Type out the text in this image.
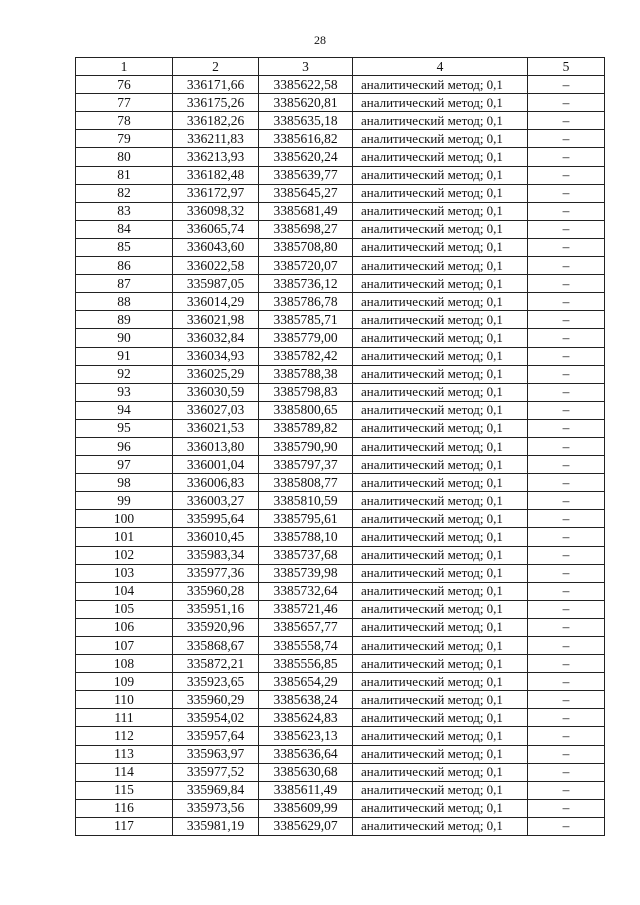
28
1	2	3	4	5
76	336171,66	3385622,58	аналитический метод; 0,1	–
77	336175,26	3385620,81	аналитический метод; 0,1	–
78	336182,26	3385635,18	аналитический метод; 0,1	–
79	336211,83	3385616,82	аналитический метод; 0,1	–
80	336213,93	3385620,24	аналитический метод; 0,1	–
81	336182,48	3385639,77	аналитический метод; 0,1	–
82	336172,97	3385645,27	аналитический метод; 0,1	–
83	336098,32	3385681,49	аналитический метод; 0,1	–
84	336065,74	3385698,27	аналитический метод; 0,1	–
85	336043,60	3385708,80	аналитический метод; 0,1	–
86	336022,58	3385720,07	аналитический метод; 0,1	–
87	335987,05	3385736,12	аналитический метод; 0,1	–
88	336014,29	3385786,78	аналитический метод; 0,1	–
89	336021,98	3385785,71	аналитический метод; 0,1	–
90	336032,84	3385779,00	аналитический метод; 0,1	–
91	336034,93	3385782,42	аналитический метод; 0,1	–
92	336025,29	3385788,38	аналитический метод; 0,1	–
93	336030,59	3385798,83	аналитический метод; 0,1	–
94	336027,03	3385800,65	аналитический метод; 0,1	–
95	336021,53	3385789,82	аналитический метод; 0,1	–
96	336013,80	3385790,90	аналитический метод; 0,1	–
97	336001,04	3385797,37	аналитический метод; 0,1	–
98	336006,83	3385808,77	аналитический метод; 0,1	–
99	336003,27	3385810,59	аналитический метод; 0,1	–
100	335995,64	3385795,61	аналитический метод; 0,1	–
101	336010,45	3385788,10	аналитический метод; 0,1	–
102	335983,34	3385737,68	аналитический метод; 0,1	–
103	335977,36	3385739,98	аналитический метод; 0,1	–
104	335960,28	3385732,64	аналитический метод; 0,1	–
105	335951,16	3385721,46	аналитический метод; 0,1	–
106	335920,96	3385657,77	аналитический метод; 0,1	–
107	335868,67	3385558,74	аналитический метод; 0,1	–
108	335872,21	3385556,85	аналитический метод; 0,1	–
109	335923,65	3385654,29	аналитический метод; 0,1	–
110	335960,29	3385638,24	аналитический метод; 0,1	–
111	335954,02	3385624,83	аналитический метод; 0,1	–
112	335957,64	3385623,13	аналитический метод; 0,1	–
113	335963,97	3385636,64	аналитический метод; 0,1	–
114	335977,52	3385630,68	аналитический метод; 0,1	–
115	335969,84	3385611,49	аналитический метод; 0,1	–
116	335973,56	3385609,99	аналитический метод; 0,1	–
117	335981,19	3385629,07	аналитический метод; 0,1	–
